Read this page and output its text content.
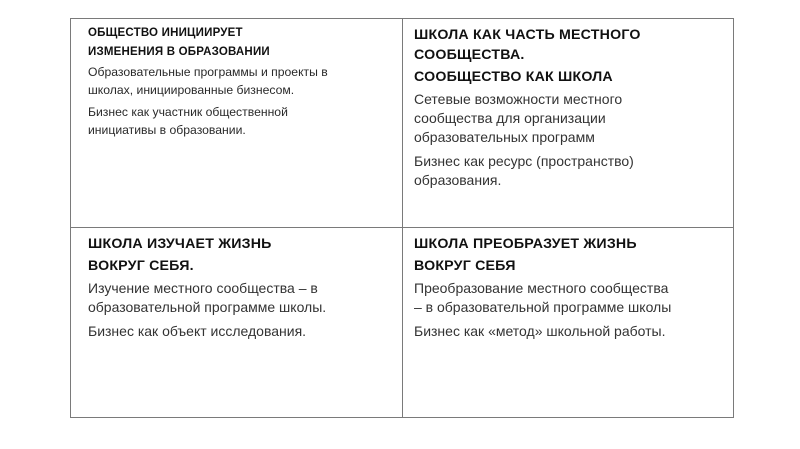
ОБЩЕСТВО ИНИЦИИРУЕТ
ИЗМЕНЕНИЯ В ОБРАЗОВАНИИ
Образовательные программы и проекты в
школах, инициированные бизнесом.
Бизнес как участник общественной
инициативы в образовании.
ШКОЛА КАК ЧАСТЬ МЕСТНОГО
СООБЩЕСТВА.
СООБЩЕСТВО КАК ШКОЛА
Сетевые возможности местного
сообщества для организации
образовательных программ
Бизнес как ресурс (пространство)
образования.
ШКОЛА ИЗУЧАЕТ ЖИЗНЬ
ВОКРУГ СЕБЯ.
Изучение местного сообщества – в
образовательной программе школы.
Бизнес как объект исследования.
ШКОЛА ПРЕОБРАЗУЕТ ЖИЗНЬ
ВОКРУГ СЕБЯ
Преобразование местного сообщества
– в образовательной программе школы
Бизнес как «метод» школьной работы.
